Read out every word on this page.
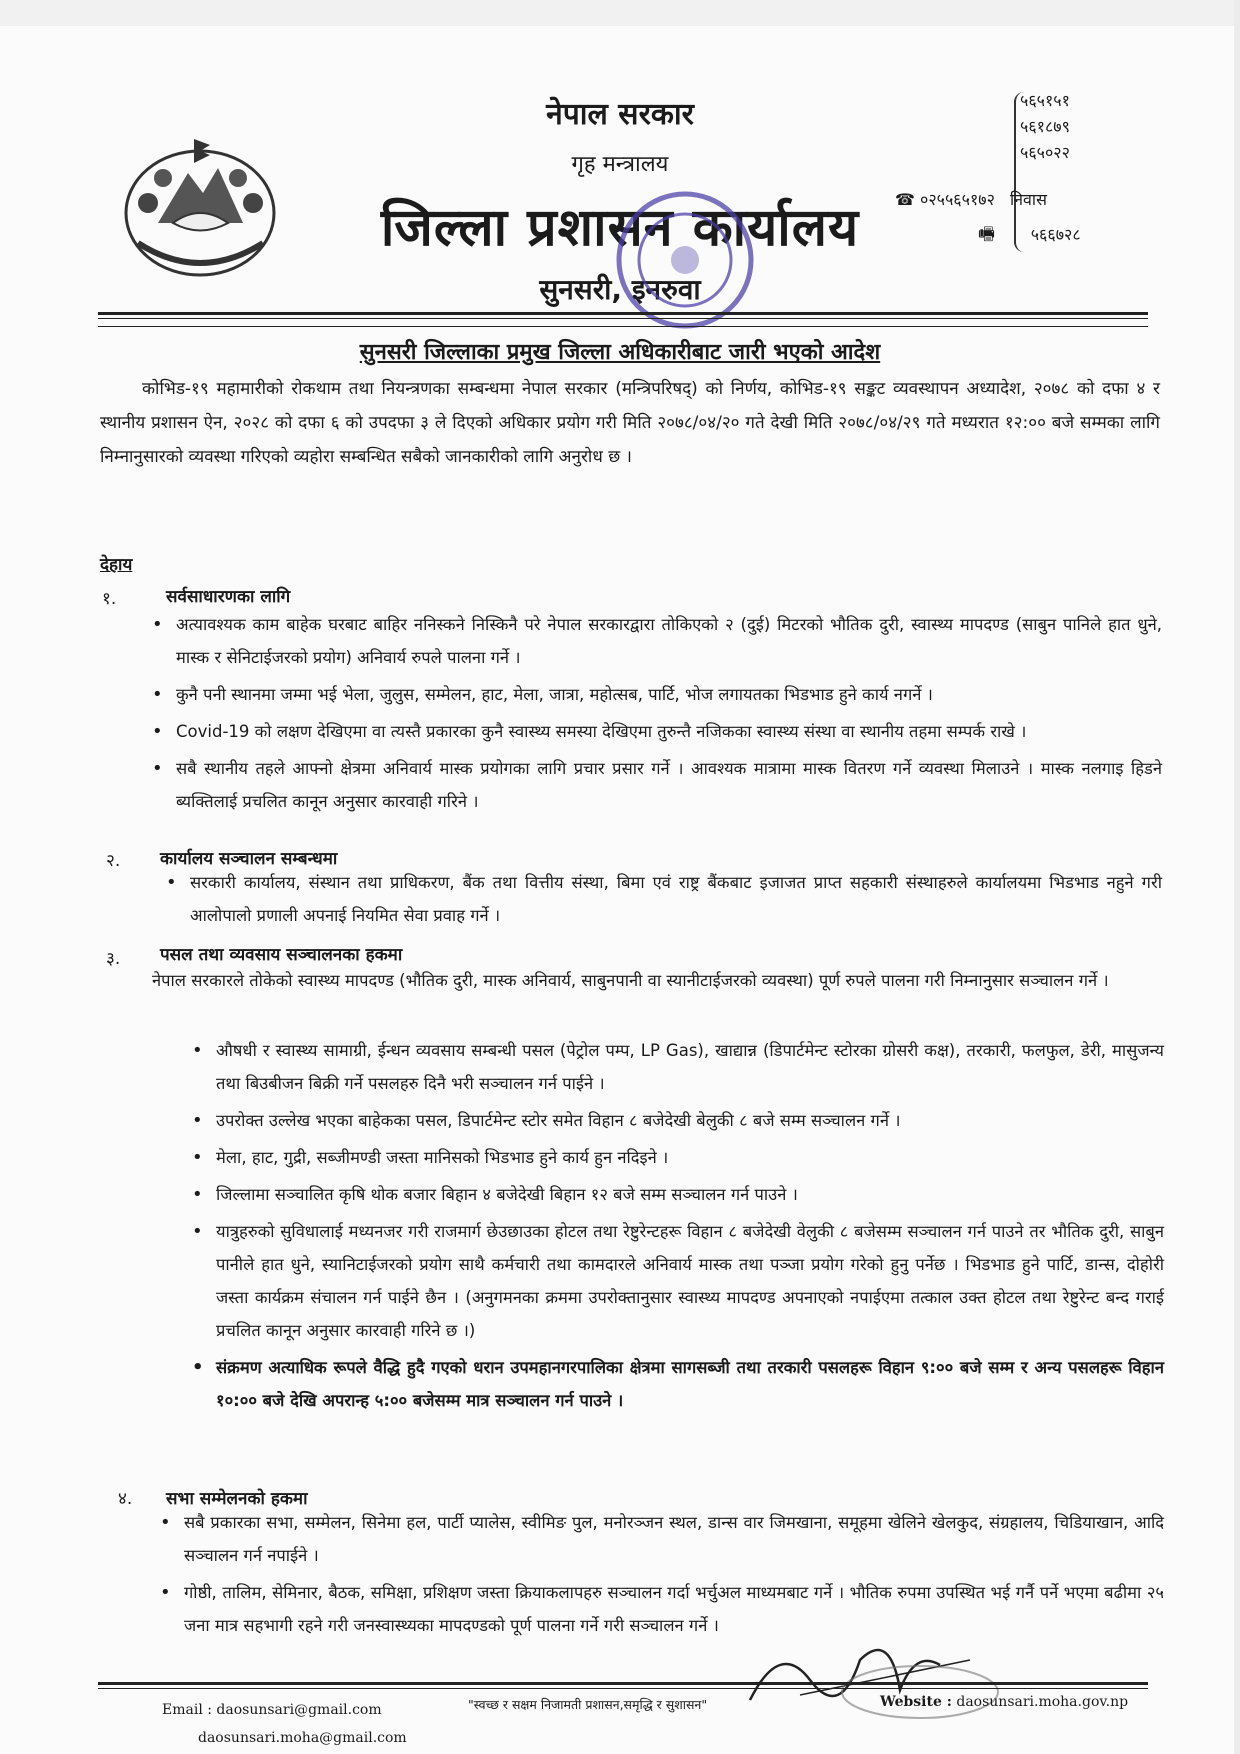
नेपाल सरकार
गृह मन्त्रालय
जिल्ला प्रशासन कार्यालय
सुनसरी, इनरुवा
५६५१५१
५६१८७९
५६५०२२
☎ ०२५५६५१७२ निवास
🖷 ५६६७२८
सुनसरी जिल्लाका प्रमुख जिल्ला अधिकारीबाट जारी भएको आदेश
कोभिड-१९ महामारीको रोकथाम तथा नियन्त्रणका सम्बन्धमा नेपाल सरकार (मन्त्रिपरिषद्) को निर्णय, कोभिड-१९ सङ्कट व्यवस्थापन अध्यादेश, २०७८ को दफा ४ र स्थानीय प्रशासन ऐन, २०२८ को दफा ६ को उपदफा ३ ले दिएको अधिकार प्रयोग गरी मिति २०७८/०४/२० गते देखी मिति २०७८/०४/२९ गते मध्यरात १२:०० बजे सम्मका लागि निम्नानुसारको व्यवस्था गरिएको व्यहोरा सम्बन्धित सबैको जानकारीको लागि अनुरोध छ ।
देहाय
१.	सर्वसाधारणका लागि
• अत्यावश्यक काम बाहेक घरबाट बाहिर ननिस्कने निस्किनै परे नेपाल सरकारद्वारा तोकिएको २ (दुई) मिटरको भौतिक दुरी, स्वास्थ्य मापदण्ड (साबुन पानिले हात धुने, मास्क र सेनिटाईजरको प्रयोग) अनिवार्य रुपले पालना गर्ने ।
• कुनै पनी स्थानमा जम्मा भई भेला, जुलुस, सम्मेलन, हाट, मेला, जात्रा, महोत्सब, पार्टि, भोज लगायतका भिडभाड हुने कार्य नगर्ने ।
• Covid-19 को लक्षण देखिएमा वा त्यस्तै प्रकारका कुनै स्वास्थ्य समस्या देखिएमा तुरुन्तै नजिकका स्वास्थ्य संस्था वा स्थानीय तहमा सम्पर्क राखे ।
• सबै स्थानीय तहले आफ्नो क्षेत्रमा अनिवार्य मास्क प्रयोगका लागि प्रचार प्रसार गर्ने । आवश्यक मात्रामा मास्क वितरण गर्ने व्यवस्था मिलाउने । मास्क नलगाइ हिडने ब्यक्तिलाई प्रचलित कानून अनुसार कारवाही गरिने ।
२. कार्यालय सञ्चालन सम्बन्धमा
• सरकारी कार्यालय, संस्थान तथा प्राधिकरण, बैंक तथा वित्तीय संस्था, बिमा एवं राष्ट्र बैंकबाट इजाजत प्राप्त सहकारी संस्थाहरुले कार्यालयमा भिडभाड नहुने गरी आलोपालो प्रणाली अपनाई नियमित सेवा प्रवाह गर्ने ।
३. पसल तथा व्यवसाय सञ्चालनका हकमा
नेपाल सरकारले तोकेको स्वास्थ्य मापदण्ड (भौतिक दुरी, मास्क अनिवार्य, साबुनपानी वा स्यानीटाईजरको व्यवस्था) पूर्ण रुपले पालना गरी निम्नानुसार सञ्चालन गर्ने ।
• औषधी र स्वास्थ्य सामाग्री, ईन्धन व्यवसाय सम्बन्धी पसल (पेट्रोल पम्प, LP Gas), खाद्यान्न (डिपार्टमेन्ट स्टोरका ग्रोसरी कक्ष), तरकारी, फलफुल, डेरी, मासुजन्य तथा बिउबीजन बिक्री गर्ने पसलहरु दिनै भरी सञ्चालन गर्न पाईने ।
• उपरोक्त उल्लेख भएका बाहेकका पसल, डिपार्टमेन्ट स्टोर समेत विहान ८ बजेदेखी बेलुकी ८ बजे सम्म सञ्चालन गर्ने ।
• मेला, हाट, गुद्री, सब्जीमण्डी जस्ता मानिसको भिडभाड हुने कार्य हुन नदिइने ।
• जिल्लामा सञ्चालित कृषि थोक बजार बिहान ४ बजेदेखी बिहान १२ बजे सम्म सञ्चालन गर्न पाउने ।
• यात्रुहरुको सुविधालाई मध्यनजर गरी राजमार्ग छेउछाउका होटल तथा रेष्टुरेन्टहरू विहान ८ बजेदेखी वेलुकी ८ बजेसम्म सञ्चालन गर्न पाउने तर भौतिक दुरी, साबुन पानीले हात धुने, स्यानिटाईजरको प्रयोग साथै कर्मचारी तथा कामदारले अनिवार्य मास्क तथा पञ्जा प्रयोग गरेको हुनु पर्नेछ । भिडभाड हुने पार्टि, डान्स, दोहोरी जस्ता कार्यक्रम संचालन गर्न पाईने छैन । (अनुगमनका क्रममा उपरोक्तानुसार स्वास्थ्य मापदण्ड अपनाएको नपाईएमा तत्काल उक्त होटल तथा रेष्टुरेन्ट बन्द गराई प्रचलित कानून अनुसार कारवाही गरिने छ ।)
• संक्रमण अत्याधिक रूपले वैद्धि हुदै गएको धरान उपमहानगरपालिका क्षेत्रमा सागसब्जी तथा तरकारी पसलहरू विहान ९:०० बजे सम्म र अन्य पसलहरू विहान १०:०० बजे देखि अपरान्ह ५:०० बजेसम्म मात्र सञ्चालन गर्न पाउने ।
४. सभा सम्मेलनको हकमा
• सबै प्रकारका सभा, सम्मेलन, सिनेमा हल, पार्टी प्यालेस, स्वीमिङ पुल, मनोरञ्जन स्थल, डान्स वार जिमखाना, समूहमा खेलिने खेलकुद, संग्रहालय, चिडियाखान, आदि सञ्चालन गर्न नपाईने ।
• गोष्ठी, तालिम, सेमिनार, बैठक, समिक्षा, प्रशिक्षण जस्ता क्रियाकलापहरु सञ्चालन गर्दा भर्चुअल माध्यमबाट गर्ने । भौतिक रुपमा उपस्थित भई गर्नै पर्ने भएमा बढीमा २५ जना मात्र सहभागी रहने गरी जनस्वास्थ्यका मापदण्डको पूर्ण पालना गर्ने गरी सञ्चालन गर्ने ।
Email : daosunsari@gmail.com
daosunsari.moha@gmail.com
"स्वच्छ र सक्षम निजामती प्रशासन,समृद्धि र सुशासन"	Website : daosunsari.moha.gov.np
